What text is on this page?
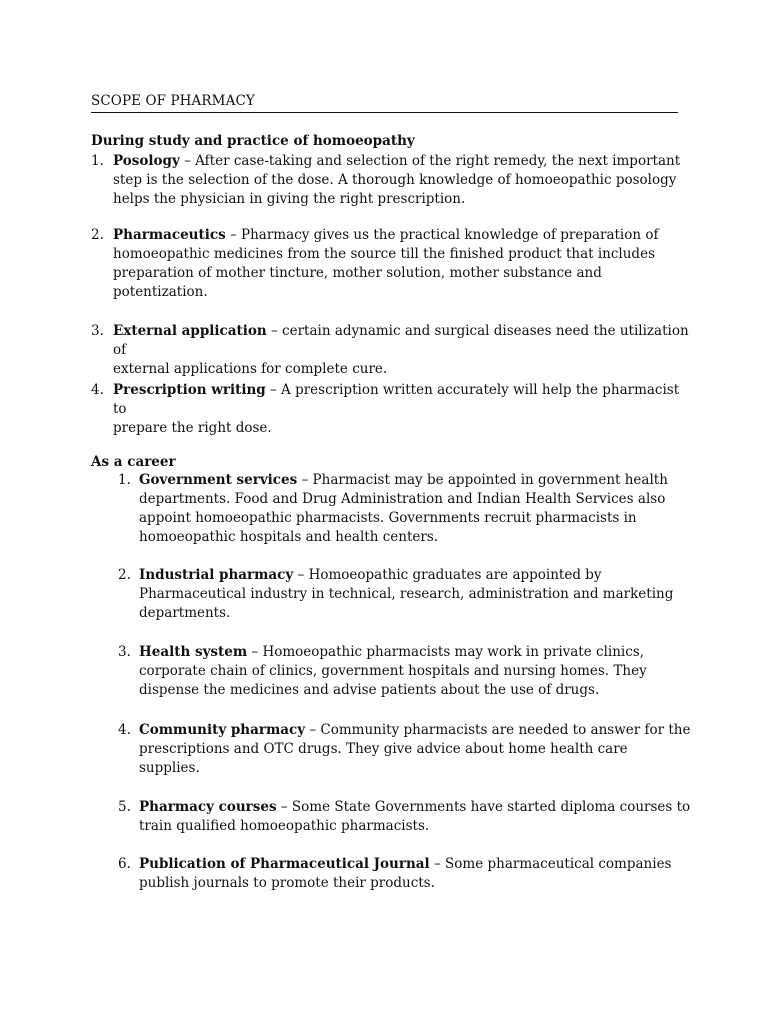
SCOPE OF PHARMACY
During study and practice of homoeopathy
1. Posology – After case-taking and selection of the right remedy, the next important
step is the selection of the dose. A thorough knowledge of homoeopathic posology
helps the physician in giving the right prescription.
2. Pharmaceutics – Pharmacy gives us the practical knowledge of preparation of
homoeopathic medicines from the source till the finished product that includes
preparation of mother tincture, mother solution, mother substance and
potentization.
3. External application – certain adynamic and surgical diseases need the utilization of
external applications for complete cure.
4. Prescription writing – A prescription written accurately will help the pharmacist to
prepare the right dose.
As a career
1. Government services – Pharmacist may be appointed in government health
departments. Food and Drug Administration and Indian Health Services also
appoint homoeopathic pharmacists. Governments recruit pharmacists in
homoeopathic hospitals and health centers.
2. Industrial pharmacy – Homoeopathic graduates are appointed by
Pharmaceutical industry in technical, research, administration and marketing
departments.
3. Health system – Homoeopathic pharmacists may work in private clinics,
corporate chain of clinics, government hospitals and nursing homes. They
dispense the medicines and advise patients about the use of drugs.
4. Community pharmacy – Community pharmacists are needed to answer for the
prescriptions and OTC drugs. They give advice about home health care
supplies.
5. Pharmacy courses – Some State Governments have started diploma courses to
train qualified homoeopathic pharmacists.
6. Publication of Pharmaceutical Journal – Some pharmaceutical companies
publish journals to promote their products.
